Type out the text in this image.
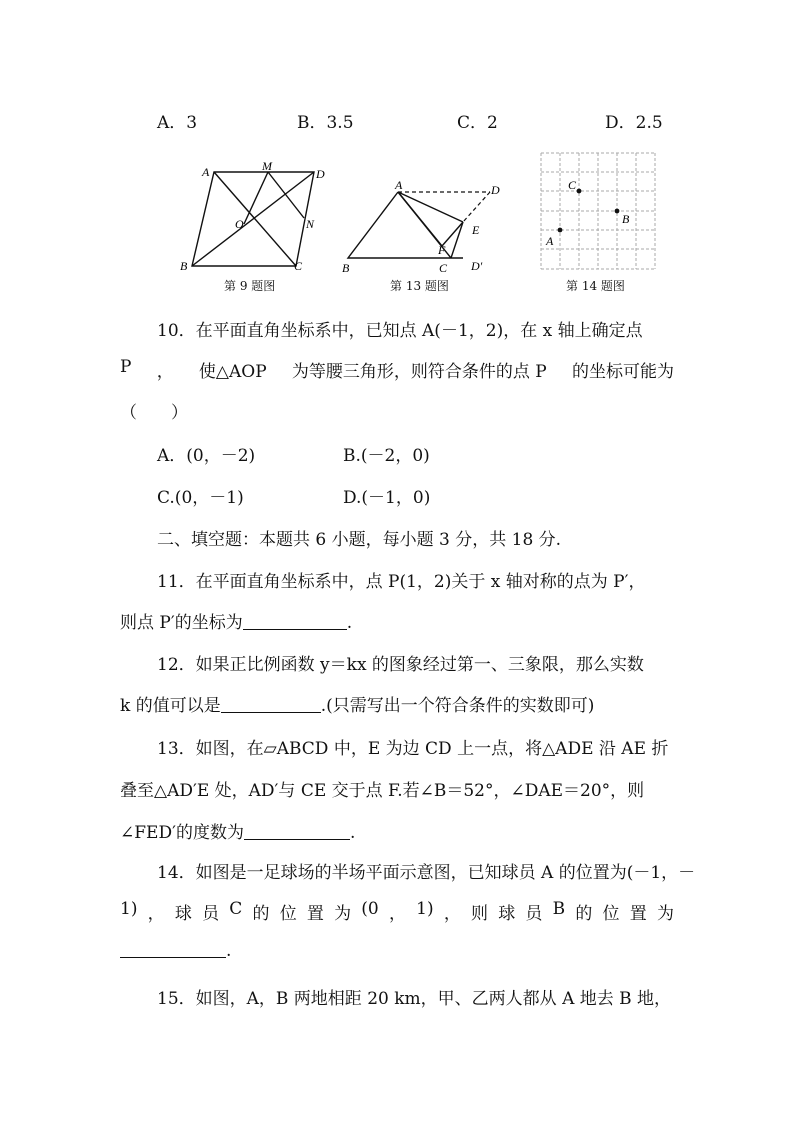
A．3	B．3.5	C．2	D．2.5
A	M
D
O	N
B	C
第 9 题图
A	D
E
F
B	C D′
第 13 题图
C
B
A
第 14 题图
10．在平面直角坐标系中，已知点 A(－1，2)，在 x 轴上确定点
P ， 使△AOP 为等腰三角形，则符合条件的点 P 的坐标可能为
（　　）
A．(0，－2)	B.(－2，0)
C.(0，－1)	D.(－1，0)
二、填空题：本题共 6 小题，每小题 3 分，共 18 分.
11．在平面直角坐标系中，点 P(1，2)关于 x 轴对称的点为 P′，
则点 P′的坐标为	.
12．如果正比例函数 y＝kx 的图象经过第一、三象限，那么实数
k 的值可以是	.(只需写出一个符合条件的实数即可)
13．如图，在▱ABCD 中，E 为边 CD 上一点，将△ADE 沿 AE 折
叠至△AD′E 处，AD′与 CE 交于点 F.若∠B＝52°，∠DAE＝20°，则
∠FED′的度数为	.
14．如图是一足球场的半场平面示意图，已知球员 A 的位置为(－1，－
1) ， 球 员 C 的 位 置 为 (0 ， 1) ， 则 球 员 B 的 位 置 为
.
15．如图，A，B 两地相距 20 km，甲、乙两人都从 A 地去 B 地，
